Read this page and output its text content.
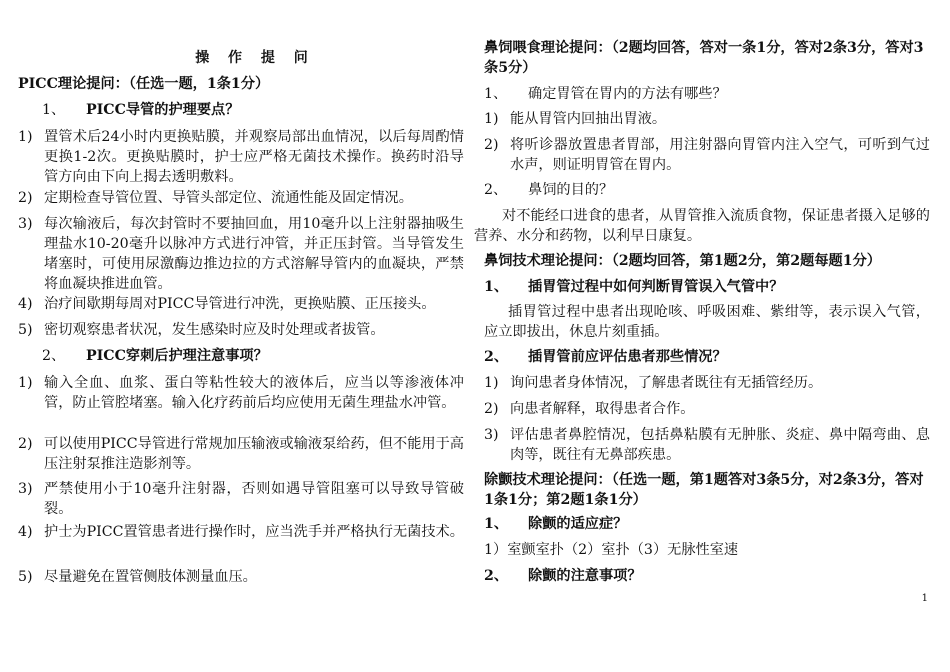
操 作 提 问
PICC理论提问：（任选一题，1条1分）
1、 PICC导管的护理要点？
1) 置管术后24小时内更换贴膜，并观察局部出血情况，以后每周酌情更换1-2次。更换贴膜时，护士应严格无菌技术操作。换药时沿导管方向由下向上揭去透明敷料。
2) 定期检查导管位置、导管头部定位、流通性能及固定情况。
3) 每次输液后，每次封管时不要抽回血，用10毫升以上注射器抽吸生理盐水10-20毫升以脉冲方式进行冲管，并正压封管。当导管发生堵塞时，可使用尿激酶边推边拉的方式溶解导管内的血凝块，严禁将血凝块推进血管。
4) 治疗间歇期每周对PICC导管进行冲洗，更换贴膜、正压接头。
5) 密切观察患者状况，发生感染时应及时处理或者拔管。
2、 PICC穿刺后护理注意事项？
1) 输入全血、血浆、蛋白等粘性较大的液体后，应当以等渗液体冲管，防止管腔堵塞。输入化疗药前后均应使用无菌生理盐水冲管。
2) 可以使用PICC导管进行常规加压输液或输液泵给药，但不能用于高压注射泵推注造影剂等。
3) 严禁使用小于10毫升注射器，否则如遇导管阻塞可以导致导管破裂。
4) 护士为PICC置管患者进行操作时，应当洗手并严格执行无菌技术。
5) 尽量避免在置管侧肢体测量血压。
鼻饲喂食理论提问：（2题均回答，答对一条1分，答对2条3分，答对3条5分）
1、 确定胃管在胃内的方法有哪些？
1) 能从胃管内回抽出胃液。
2) 将听诊器放置患者胃部，用注射器向胃管内注入空气，可听到气过水声，则证明胃管在胃内。
2、 鼻饲的目的？
对不能经口进食的患者，从胃管推入流质食物，保证患者摄入足够的营养、水分和药物，以利早日康复。
鼻饲技术理论提问：（2题均回答，第1题2分，第2题每题1分）
1、 插胃管过程中如何判断胃管误入气管中？
插胃管过程中患者出现呛咳、呼吸困难、紫绀等，表示误入气管，应立即拔出，休息片刻重插。
2、 插胃管前应评估患者那些情况？
1) 询问患者身体情况，了解患者既往有无插管经历。
2) 向患者解释，取得患者合作。
3) 评估患者鼻腔情况，包括鼻粘膜有无肿胀、炎症、鼻中隔弯曲、息肉等，既往有无鼻部疾患。
除颤技术理论提问：（任选一题，第1题答对3条5分，对2条3分，答对1条1分；第2题1条1分）
1、 除颤的适应症？
1）室颤室扑（2）室扑（3）无脉性室速
2、 除颤的注意事项？
1
